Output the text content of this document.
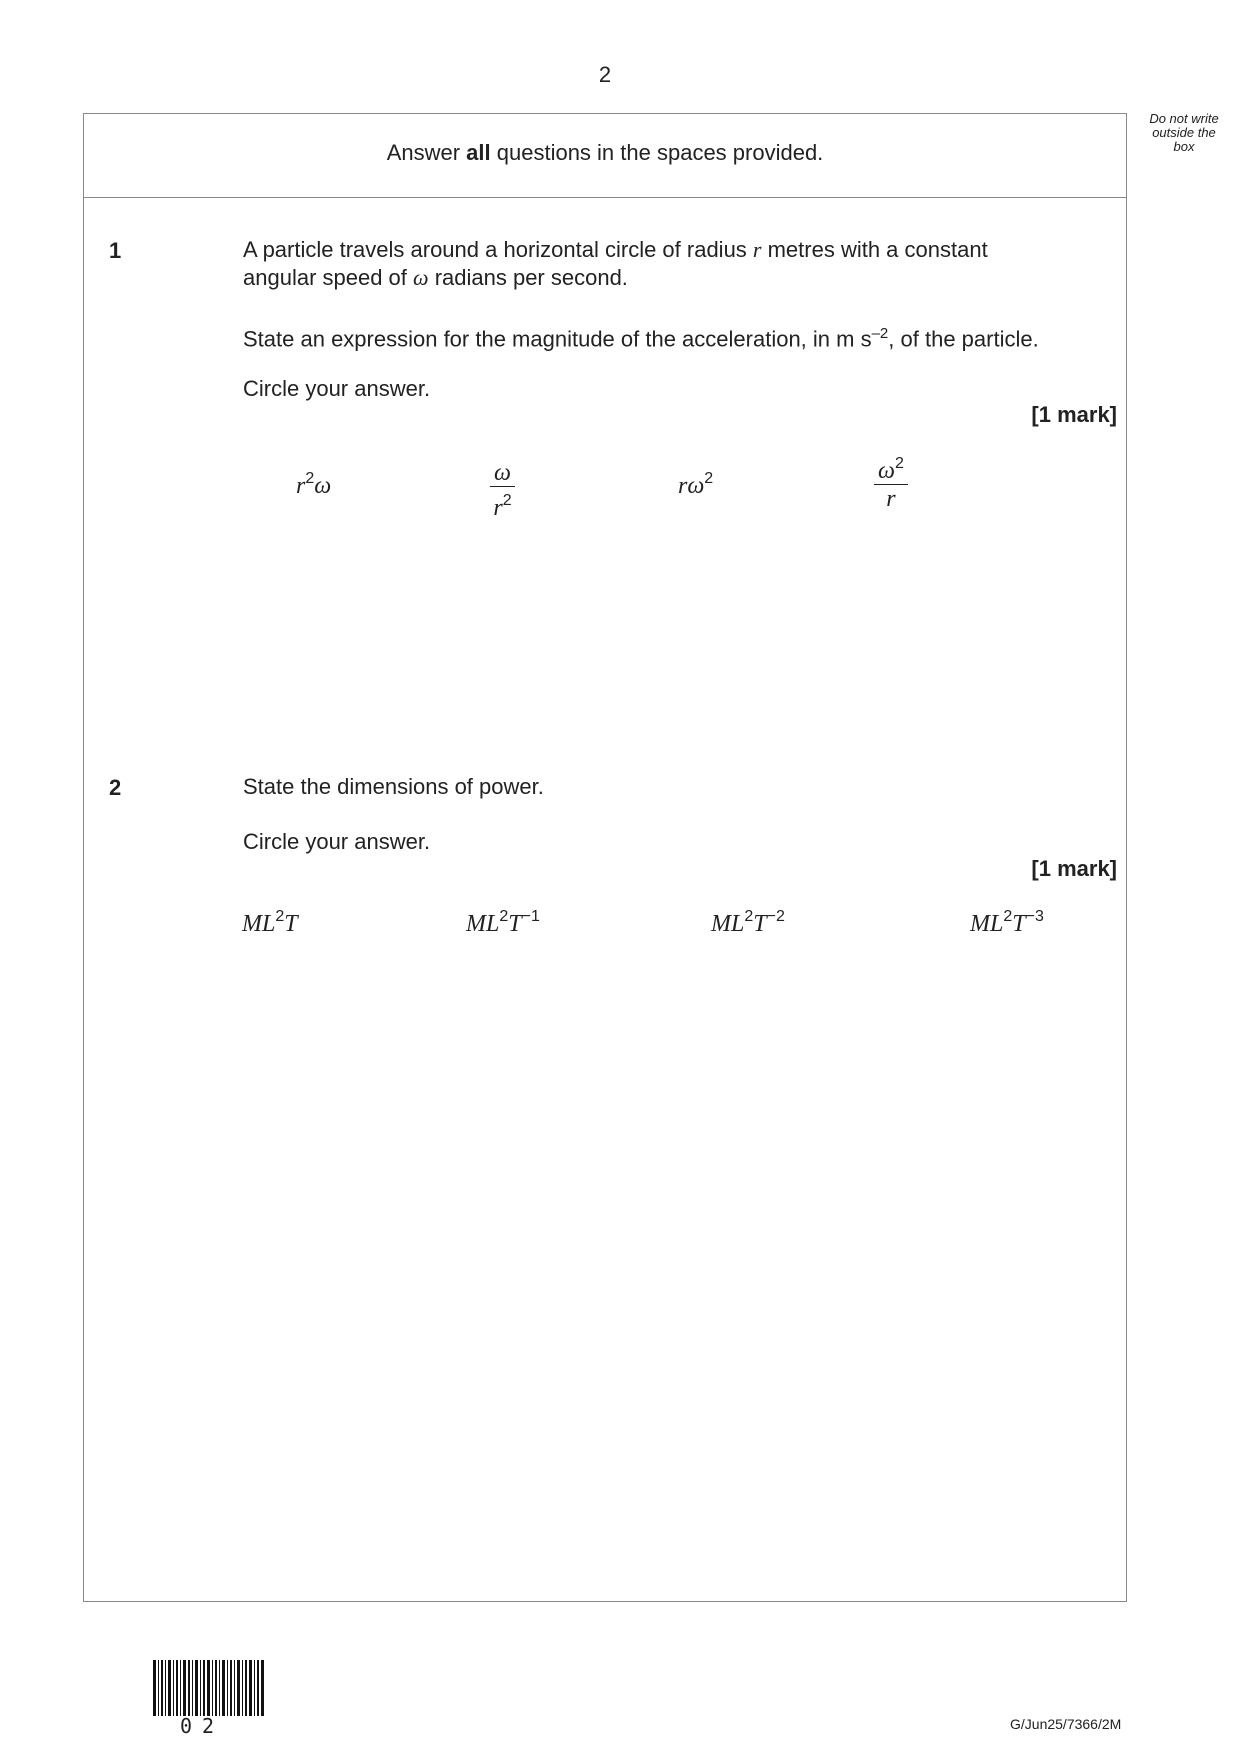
2
Do not write
outside the
box
Answer all questions in the spaces provided.
1	A particle travels around a horizontal circle of radius r metres with a constant
angular speed of ω radians per second.
State an expression for the magnitude of the acceleration, in m $s^{-2}$, of the particle.
Circle your answer.
[1 mark]
$r^2\omega$	$\frac{\omega}{r^2}$	$r\omega^2$	$\frac{\omega^2}{r}$
2	State the dimensions of power.
Circle your answer.
[1 mark]
$ML^2T$	$ML^2T^{-1}$	$ML^2T^{-2}$	$ML^2T^{-3}$
02	G/Jun25/7366/2M
